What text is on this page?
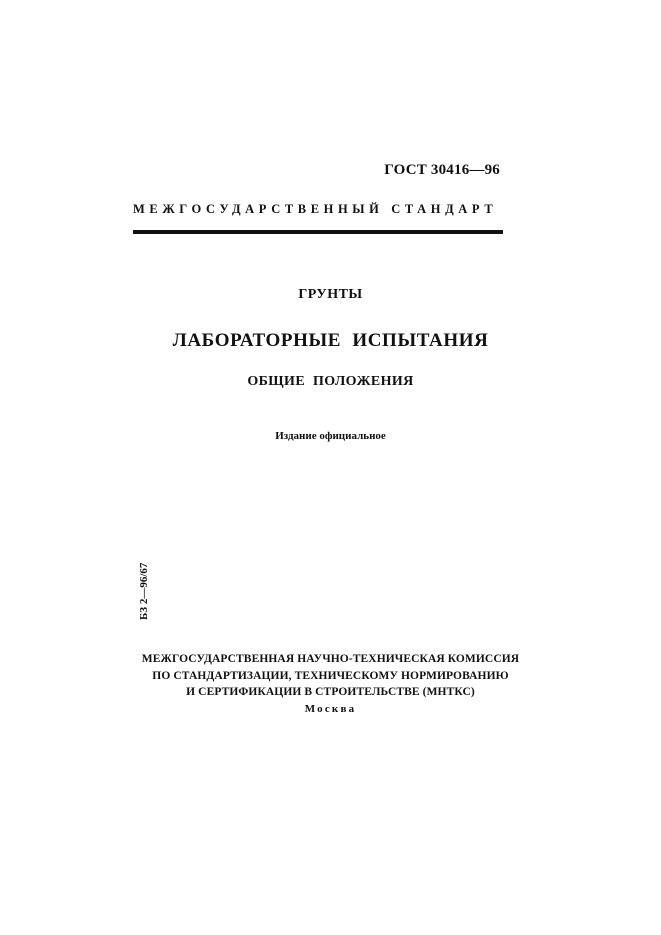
ГОСТ 30416—96
МЕЖГОСУДАРСТВЕННЫЙ СТАНДАРТ
ГРУНТЫ
ЛАБОРАТОРНЫЕ ИСПЫТАНИЯ
ОБЩИЕ ПОЛОЖЕНИЯ
Издание официальное
БЗ 2—96/67
МЕЖГОСУДАРСТВЕННАЯ НАУЧНО-ТЕХНИЧЕСКАЯ КОМИССИЯ
ПО СТАНДАРТИЗАЦИИ, ТЕХНИЧЕСКОМУ НОРМИРОВАНИЮ
И СЕРТИФИКАЦИИ В СТРОИТЕЛЬСТВЕ (МНТКС)
Москва
